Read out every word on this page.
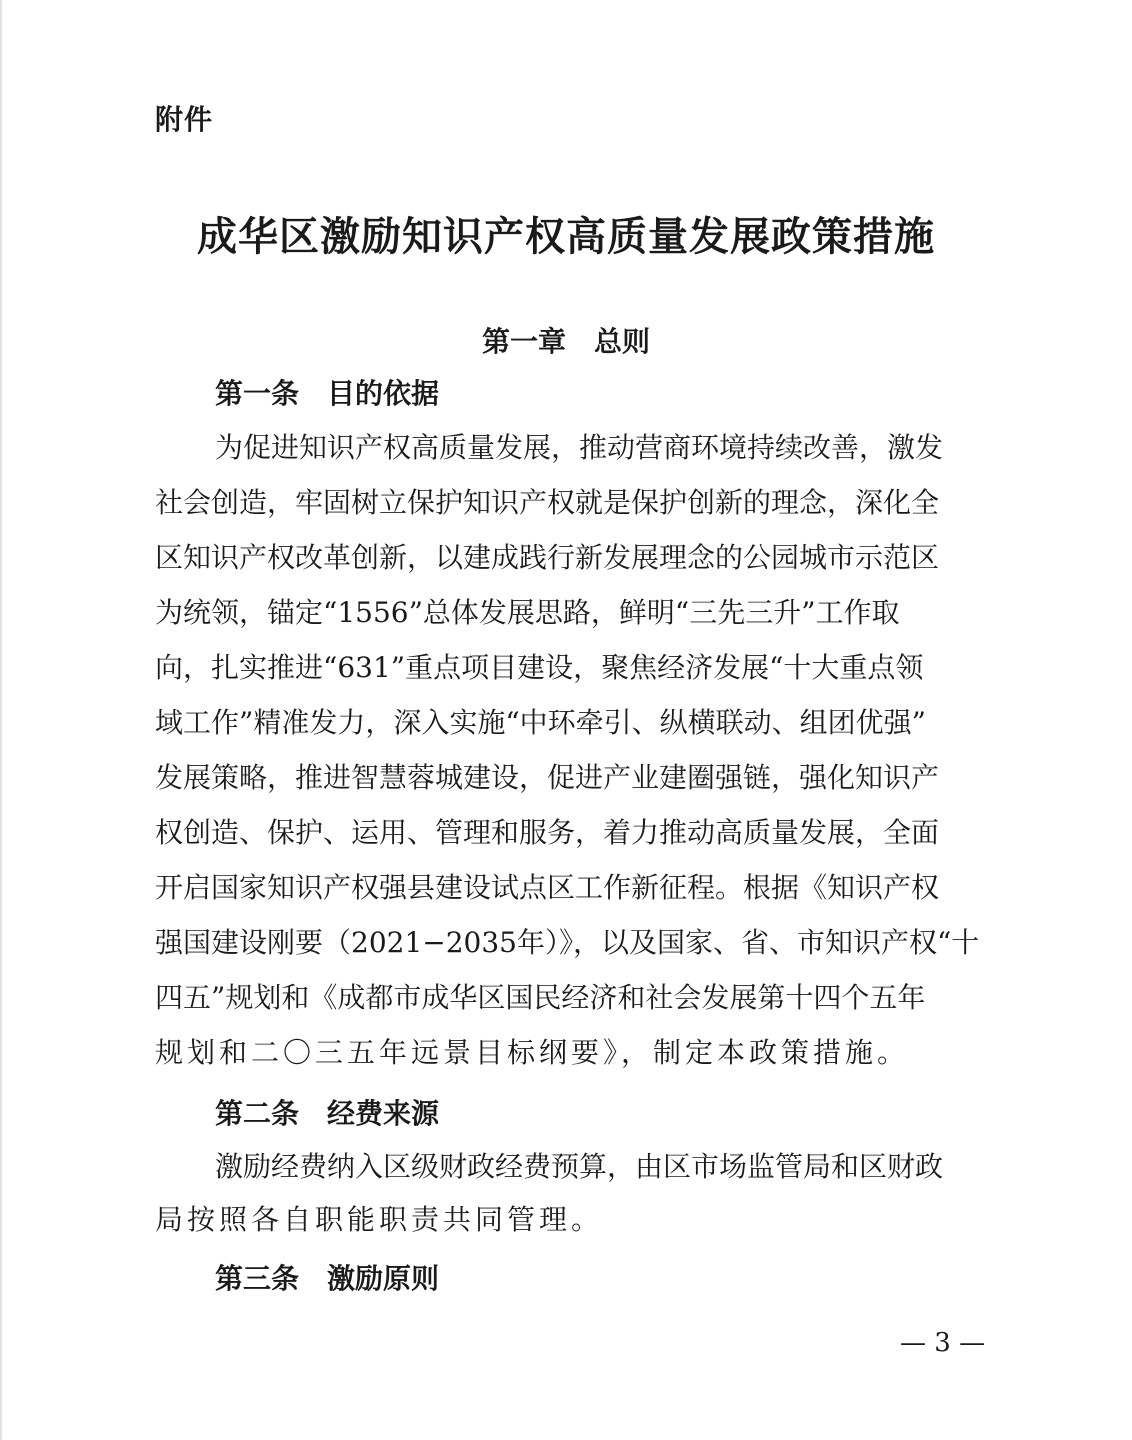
附件
成华区激励知识产权高质量发展政策措施
第一章　总则
第一条　目的依据
为促进知识产权高质量发展，推动营商环境持续改善，激发
社会创造，牢固树立保护知识产权就是保护创新的理念，深化全
区知识产权改革创新，以建成践行新发展理念的公园城市示范区
为统领，锚定“1556”总体发展思路，鲜明“三先三升”工作取
向，扎实推进“631”重点项目建设，聚焦经济发展“十大重点领
域工作”精准发力，深入实施“中环牵引、纵横联动、组团优强”
发展策略，推进智慧蓉城建设，促进产业建圈强链，强化知识产
权创造、保护、运用、管理和服务，着力推动高质量发展，全面
开启国家知识产权强县建设试点区工作新征程。根据《知识产权
强国建设刚要（2021−2035年）》，以及国家、省、市知识产权“十
四五”规划和《成都市成华区国民经济和社会发展第十四个五年
规划和二〇三五年远景目标纲要》，制定本政策措施。
第二条　经费来源
激励经费纳入区级财政经费预算，由区市场监管局和区财政
局按照各自职能职责共同管理。
第三条　激励原则
— 3 —
